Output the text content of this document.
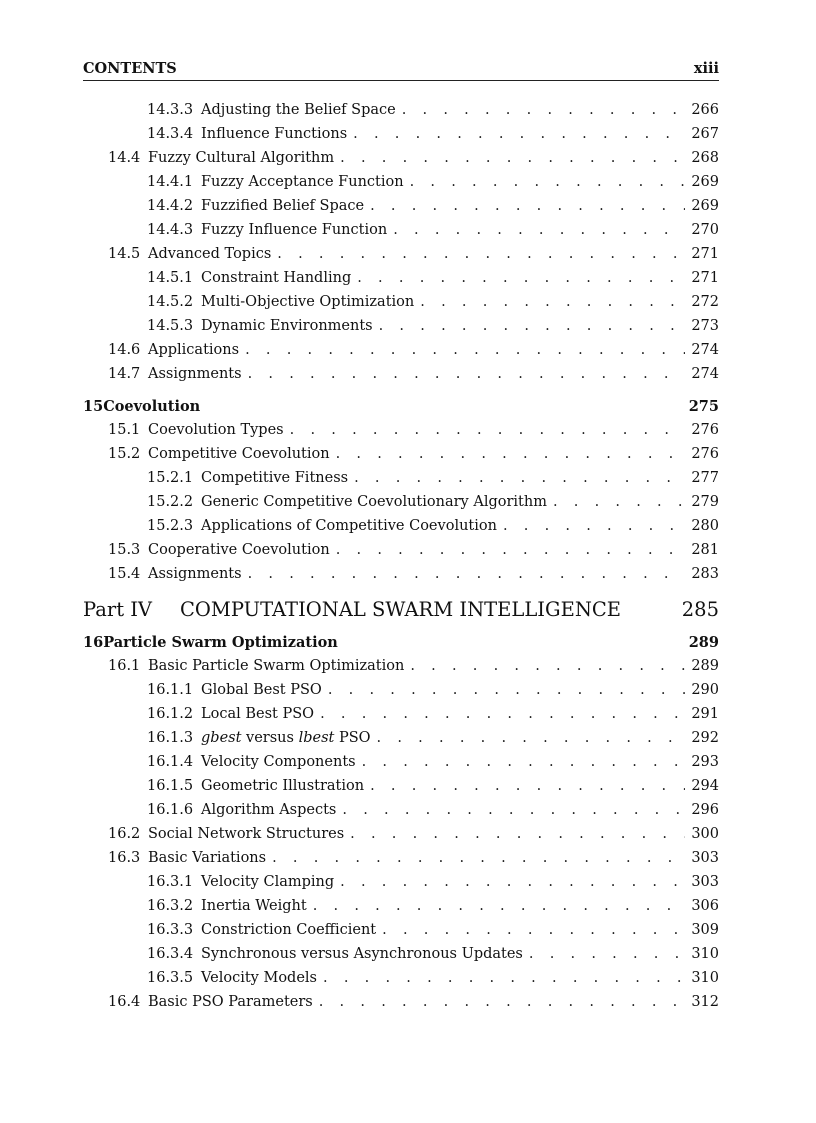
CONTENTS	xiii
14.3.3 Adjusting the Belief Space . . .	266
14.3.4 Influence Functions . . .	267
14.4 Fuzzy Cultural Algorithm . . .	268
14.4.1 Fuzzy Acceptance Function . . .	269
14.4.2 Fuzzified Belief Space . . .	269
14.4.3 Fuzzy Influence Function . . .	270
14.5 Advanced Topics . . .	271
14.5.1 Constraint Handling . . .	271
14.5.2 Multi-Objective Optimization . . .	272
14.5.3 Dynamic Environments . . .	273
14.6 Applications . . .	274
14.7 Assignments . . .	274
15 Coevolution	275
15.1 Coevolution Types . . .	276
15.2 Competitive Coevolution . . .	276
15.2.1 Competitive Fitness . . .	277
15.2.2 Generic Competitive Coevolutionary Algorithm . . .	279
15.2.3 Applications of Competitive Coevolution . . .	280
15.3 Cooperative Coevolution . . .	281
15.4 Assignments . . .	283
Part IV COMPUTATIONAL SWARM INTELLIGENCE	285
16 Particle Swarm Optimization	289
16.1 Basic Particle Swarm Optimization . . .	289
16.1.1 Global Best PSO . . .	290
16.1.2 Local Best PSO . . .	291
16.1.3 gbest versus lbest PSO . . .	292
16.1.4 Velocity Components . . .	293
16.1.5 Geometric Illustration . . .	294
16.1.6 Algorithm Aspects . . .	296
16.2 Social Network Structures . . .	300
16.3 Basic Variations . . .	303
16.3.1 Velocity Clamping . . .	303
16.3.2 Inertia Weight . . .	306
16.3.3 Constriction Coefficient . . .	309
16.3.4 Synchronous versus Asynchronous Updates . . .	310
16.3.5 Velocity Models . . .	310
16.4 Basic PSO Parameters . . .	312
